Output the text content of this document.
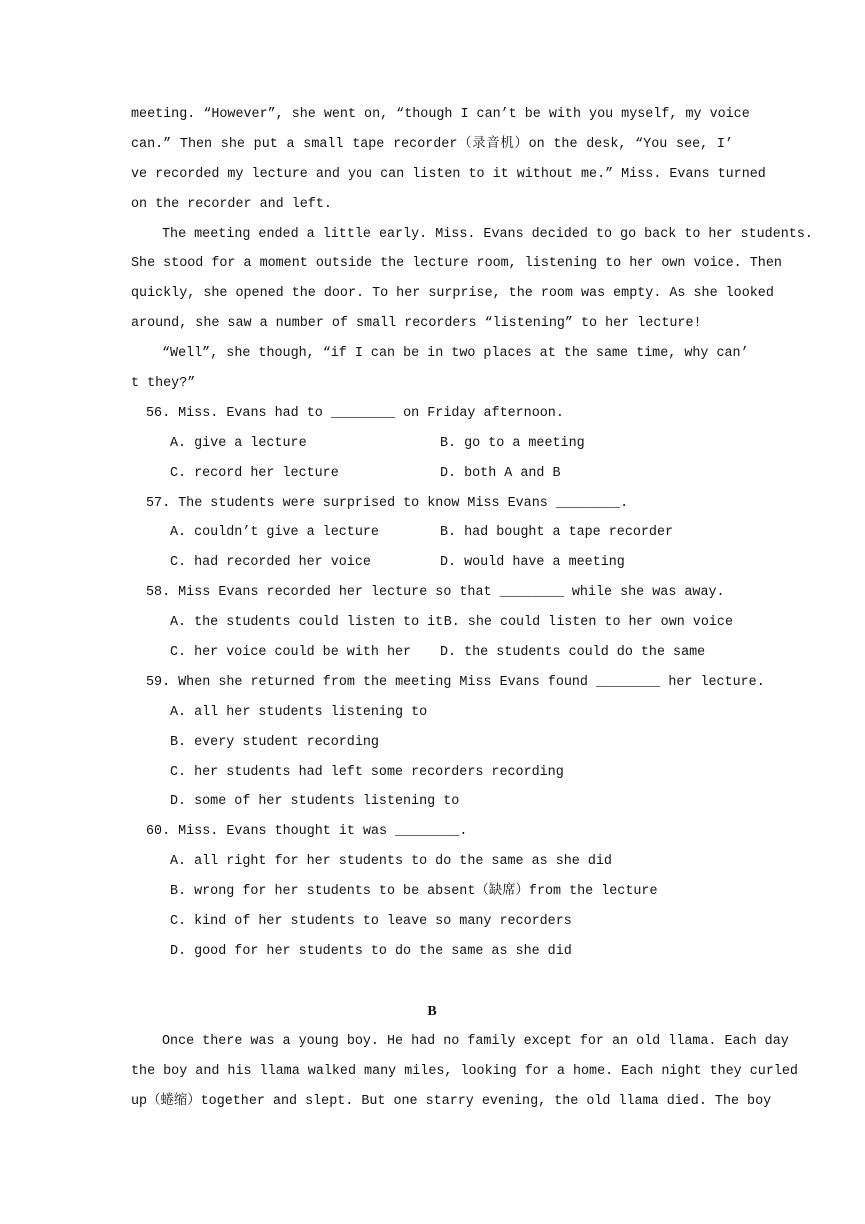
meeting. “However”, she went on, “though I can’t be with you myself, my voice
can.” Then she put a small tape recorder（录音机）on the desk, “You see, I’
ve recorded my lecture and you can listen to it without me.” Miss. Evans turned
on the recorder and left.
The meeting ended a little early. Miss. Evans decided to go back to her students.
She stood for a moment outside the lecture room, listening to her own voice. Then
quickly, she opened the door. To her surprise, the room was empty. As she looked
around, she saw a number of small recorders “listening” to her lecture!
“Well”, she though, “if I can be in two places at the same time, why can’
t they?”
56. Miss. Evans had to ________ on Friday afternoon.
A. give a lecture	B. go to a meeting
C. record her lecture	D. both A and B
57. The students were surprised to know Miss Evans ________.
A. couldn’t give a lecture	B. had bought a tape recorder
C. had recorded her voice	D. would have a meeting
58. Miss Evans recorded her lecture so that ________ while she was away.
A. the students could listen to it B. she could listen to her own voice
C. her voice could be with her	D. the students could do the same
59. When she returned from the meeting Miss Evans found ________ her lecture.
A. all her students listening to
B. every student recording
C. her students had left some recorders recording
D. some of her students listening to
60. Miss. Evans thought it was ________.
A. all right for her students to do the same as she did
B. wrong for her students to be absent（缺席）from the lecture
C. kind of her students to leave so many recorders
D. good for her students to do the same as she did
B
Once there was a young boy. He had no family except for an old llama. Each day
the boy and his llama walked many miles, looking for a home. Each night they curled
up（蜷缩）together and slept. But one starry evening, the old llama died. The boy
